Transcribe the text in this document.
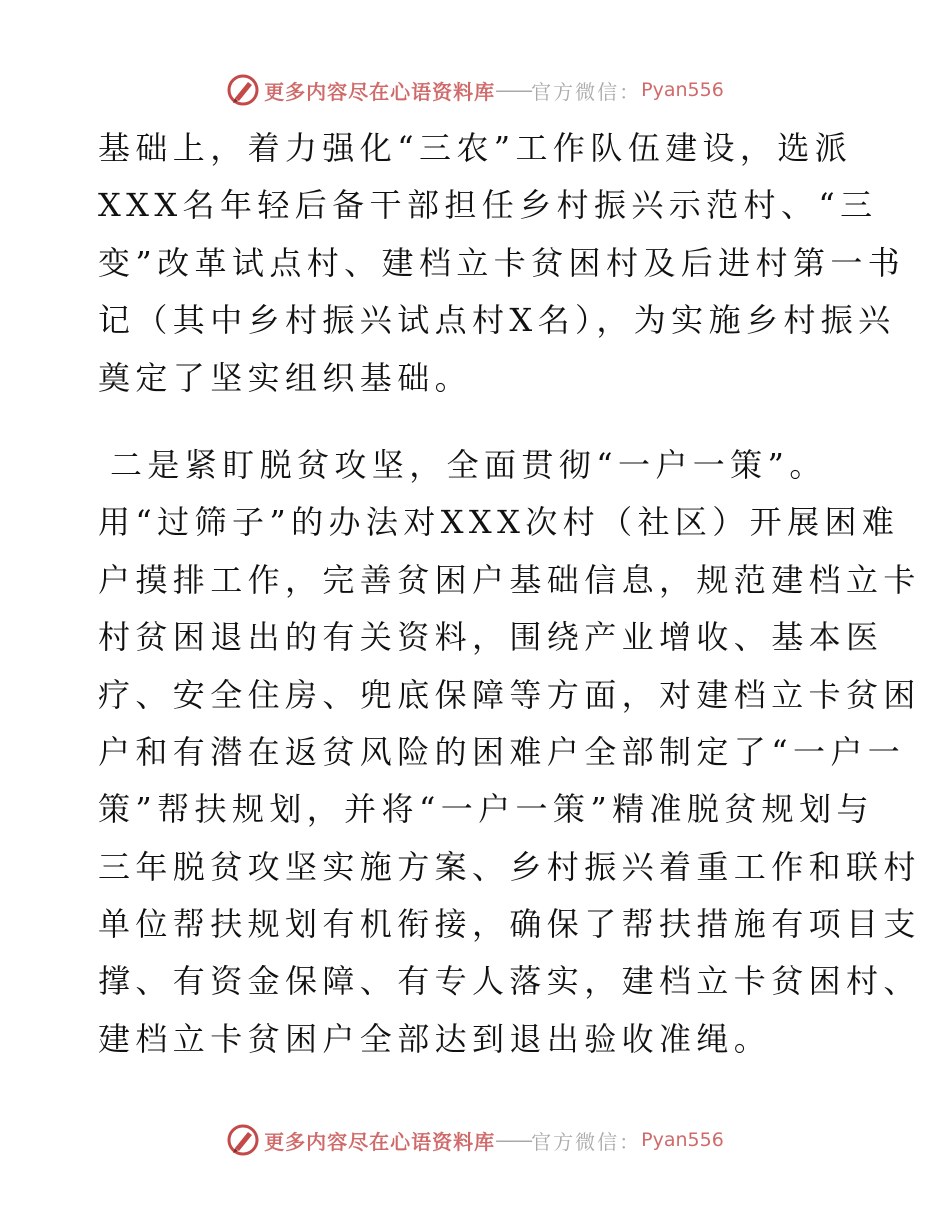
更多内容尽在心语资料库 —— 官方微信： Pyan556
基础上，着力强化“三农”工作队伍建设，选派
XXX名年轻后备干部担任乡村振兴示范村、“三
变”改革试点村、建档立卡贫困村及后进村第一书
记（其中乡村振兴试点村X名），为实施乡村振兴
奠定了坚实组织基础。
二是紧盯脱贫攻坚，全面贯彻“一户一策”。
用“过筛子”的办法对XXX次村（社区）开展困难
户摸排工作，完善贫困户基础信息，规范建档立卡
村贫困退出的有关资料，围绕产业增收、基本医
疗、安全住房、兜底保障等方面，对建档立卡贫困
户和有潜在返贫风险的困难户全部制定了“一户一
策”帮扶规划，并将“一户一策”精准脱贫规划与
三年脱贫攻坚实施方案、乡村振兴着重工作和联村
单位帮扶规划有机衔接，确保了帮扶措施有项目支
撑、有资金保障、有专人落实，建档立卡贫困村、
建档立卡贫困户全部达到退出验收准绳。
更多内容尽在心语资料库 —— 官方微信： Pyan556
